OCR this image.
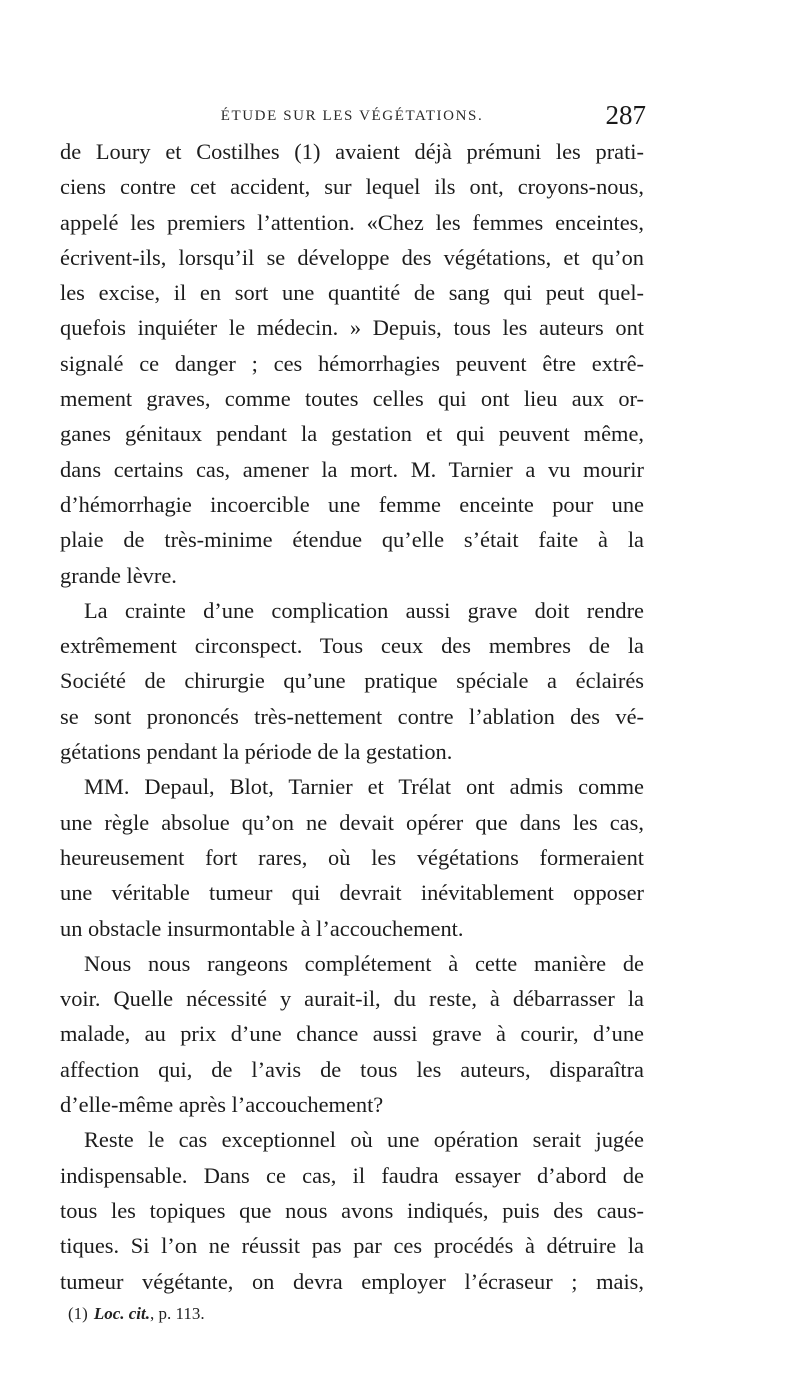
ÉTUDE SUR LES VÉGÉTATIONS.	287
de Loury et Costilhes (1) avaient déjà prémuni les prati-
ciens contre cet accident, sur lequel ils ont, croyons-nous,
appelé les premiers l’attention. «Chez les femmes enceintes,
écrivent-ils, lorsqu’il se développe des végétations, et qu’on
les excise, il en sort une quantité de sang qui peut quel-
quefois inquiéter le médecin. » Depuis, tous les auteurs ont
signalé ce danger ; ces hémorrhagies peuvent être extrê-
mement graves, comme toutes celles qui ont lieu aux or-
ganes génitaux pendant la gestation et qui peuvent même,
dans certains cas, amener la mort. M. Tarnier a vu mourir
d’hémorrhagie incoercible une femme enceinte pour une
plaie de très-minime étendue qu’elle s’était faite à la
grande lèvre.
La crainte d’une complication aussi grave doit rendre
extrêmement circonspect. Tous ceux des membres de la
Société de chirurgie qu’une pratique spéciale a éclairés
se sont prononcés très-nettement contre l’ablation des vé-
gétations pendant la période de la gestation.
MM. Depaul, Blot, Tarnier et Trélat ont admis comme
une règle absolue qu’on ne devait opérer que dans les cas,
heureusement fort rares, où les végétations formeraient
une véritable tumeur qui devrait inévitablement opposer
un obstacle insurmontable à l’accouchement.
Nous nous rangeons complétement à cette manière de
voir. Quelle nécessité y aurait-il, du reste, à débarrasser la
malade, au prix d’une chance aussi grave à courir, d’une
affection qui, de l’avis de tous les auteurs, disparaîtra
d’elle-même après l’accouchement?
Reste le cas exceptionnel où une opération serait jugée
indispensable. Dans ce cas, il faudra essayer d’abord de
tous les topiques que nous avons indiqués, puis des caus-
tiques. Si l’on ne réussit pas par ces procédés à détruire la
tumeur végétante, on devra employer l’écraseur ; mais,
(1) Loc. cit., p. 113.
